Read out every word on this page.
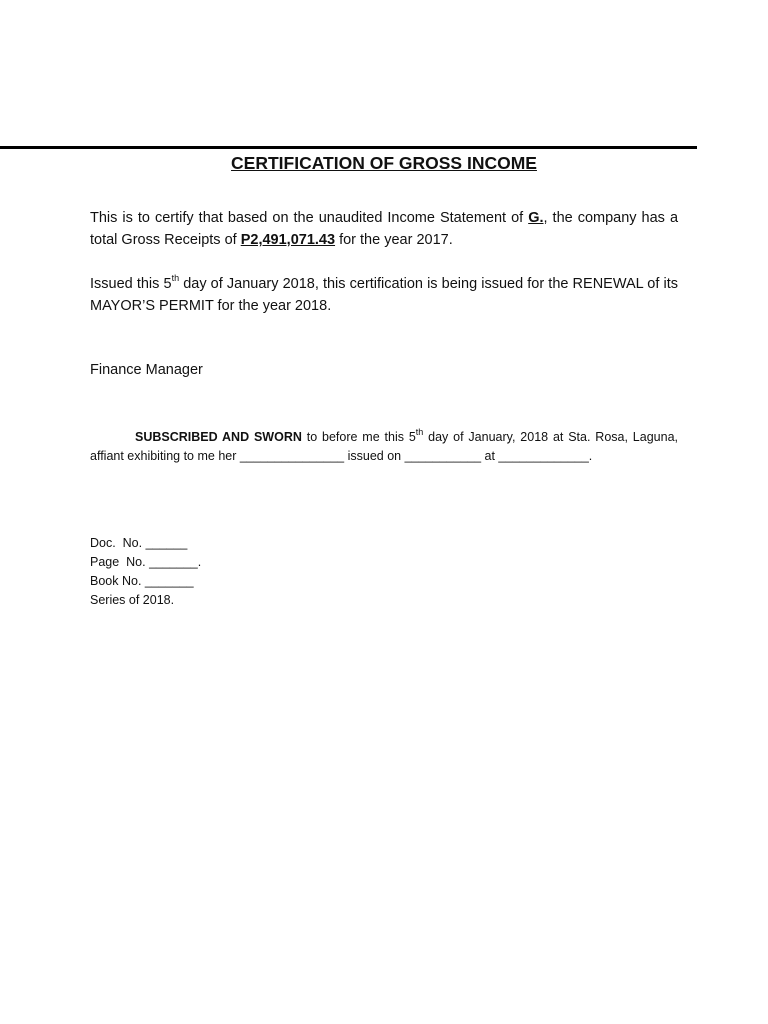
CERTIFICATION OF GROSS INCOME
This is to certify that based on the unaudited Income Statement of G., the company has a total Gross Receipts of P2,491,071.43 for the year 2017.
Issued this 5th day of January 2018, this certification is being issued for the RENEWAL of its MAYOR’S PERMIT for the year 2018.
Finance Manager
SUBSCRIBED AND SWORN to before me this 5th day of January, 2018 at Sta. Rosa, Laguna, affiant exhibiting to me her _______________ issued on ___________ at _____________.
Doc.  No. ______
Page  No. _______.
Book No. _______
Series of 2018.
